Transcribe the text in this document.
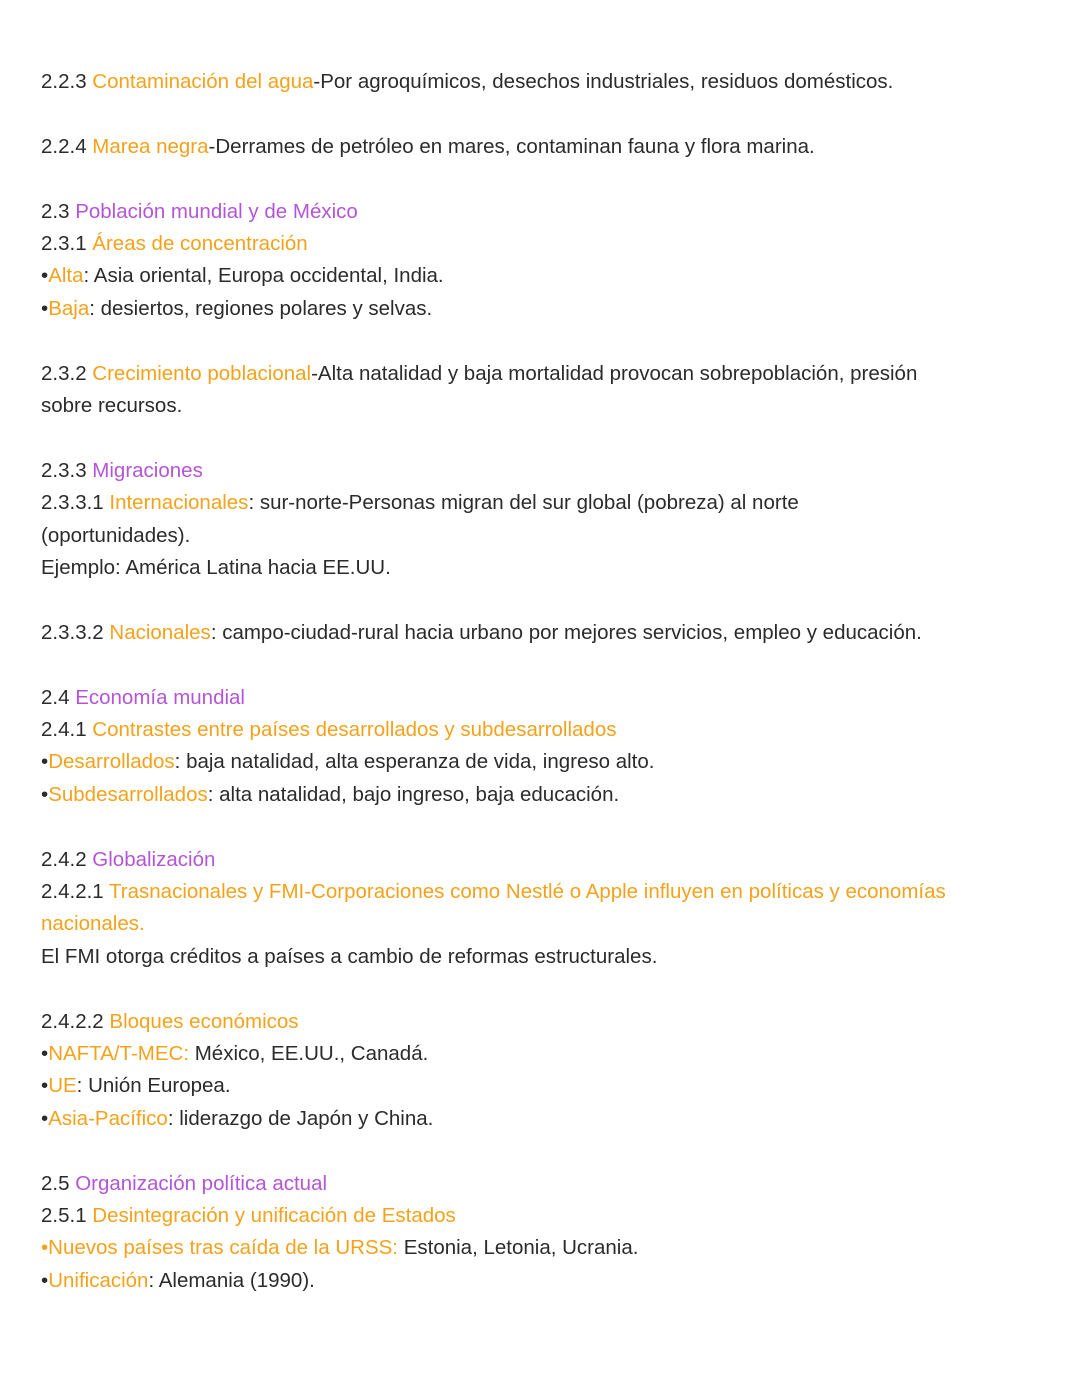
2.2.3 Contaminación del agua-Por agroquímicos, desechos industriales, residuos domésticos.
2.2.4 Marea negra-Derrames de petróleo en mares, contaminan fauna y flora marina.
2.3 Población mundial y de México
2.3.1 Áreas de concentración
•Alta: Asia oriental, Europa occidental, India.
•Baja: desiertos, regiones polares y selvas.
2.3.2 Crecimiento poblacional-Alta natalidad y baja mortalidad provocan sobrepoblación, presión
sobre recursos.
2.3.3 Migraciones
2.3.3.1 Internacionales: sur-norte-Personas migran del sur global (pobreza) al norte
(oportunidades).
Ejemplo: América Latina hacia EE.UU.
2.3.3.2 Nacionales: campo-ciudad-rural hacia urbano por mejores servicios, empleo y educación.
2.4 Economía mundial
2.4.1 Contrastes entre países desarrollados y subdesarrollados
•Desarrollados: baja natalidad, alta esperanza de vida, ingreso alto.
•Subdesarrollados: alta natalidad, bajo ingreso, baja educación.
2.4.2 Globalización
2.4.2.1 Trasnacionales y FMI-Corporaciones como Nestlé o Apple influyen en políticas y economías
nacionales.
El FMI otorga créditos a países a cambio de reformas estructurales.
2.4.2.2 Bloques económicos
•NAFTA/T-MEC: México, EE.UU., Canadá.
•UE: Unión Europea.
•Asia-Pacífico: liderazgo de Japón y China.
2.5 Organización política actual
2.5.1 Desintegración y unificación de Estados
•Nuevos países tras caída de la URSS: Estonia, Letonia, Ucrania.
•Unificación: Alemania (1990).
